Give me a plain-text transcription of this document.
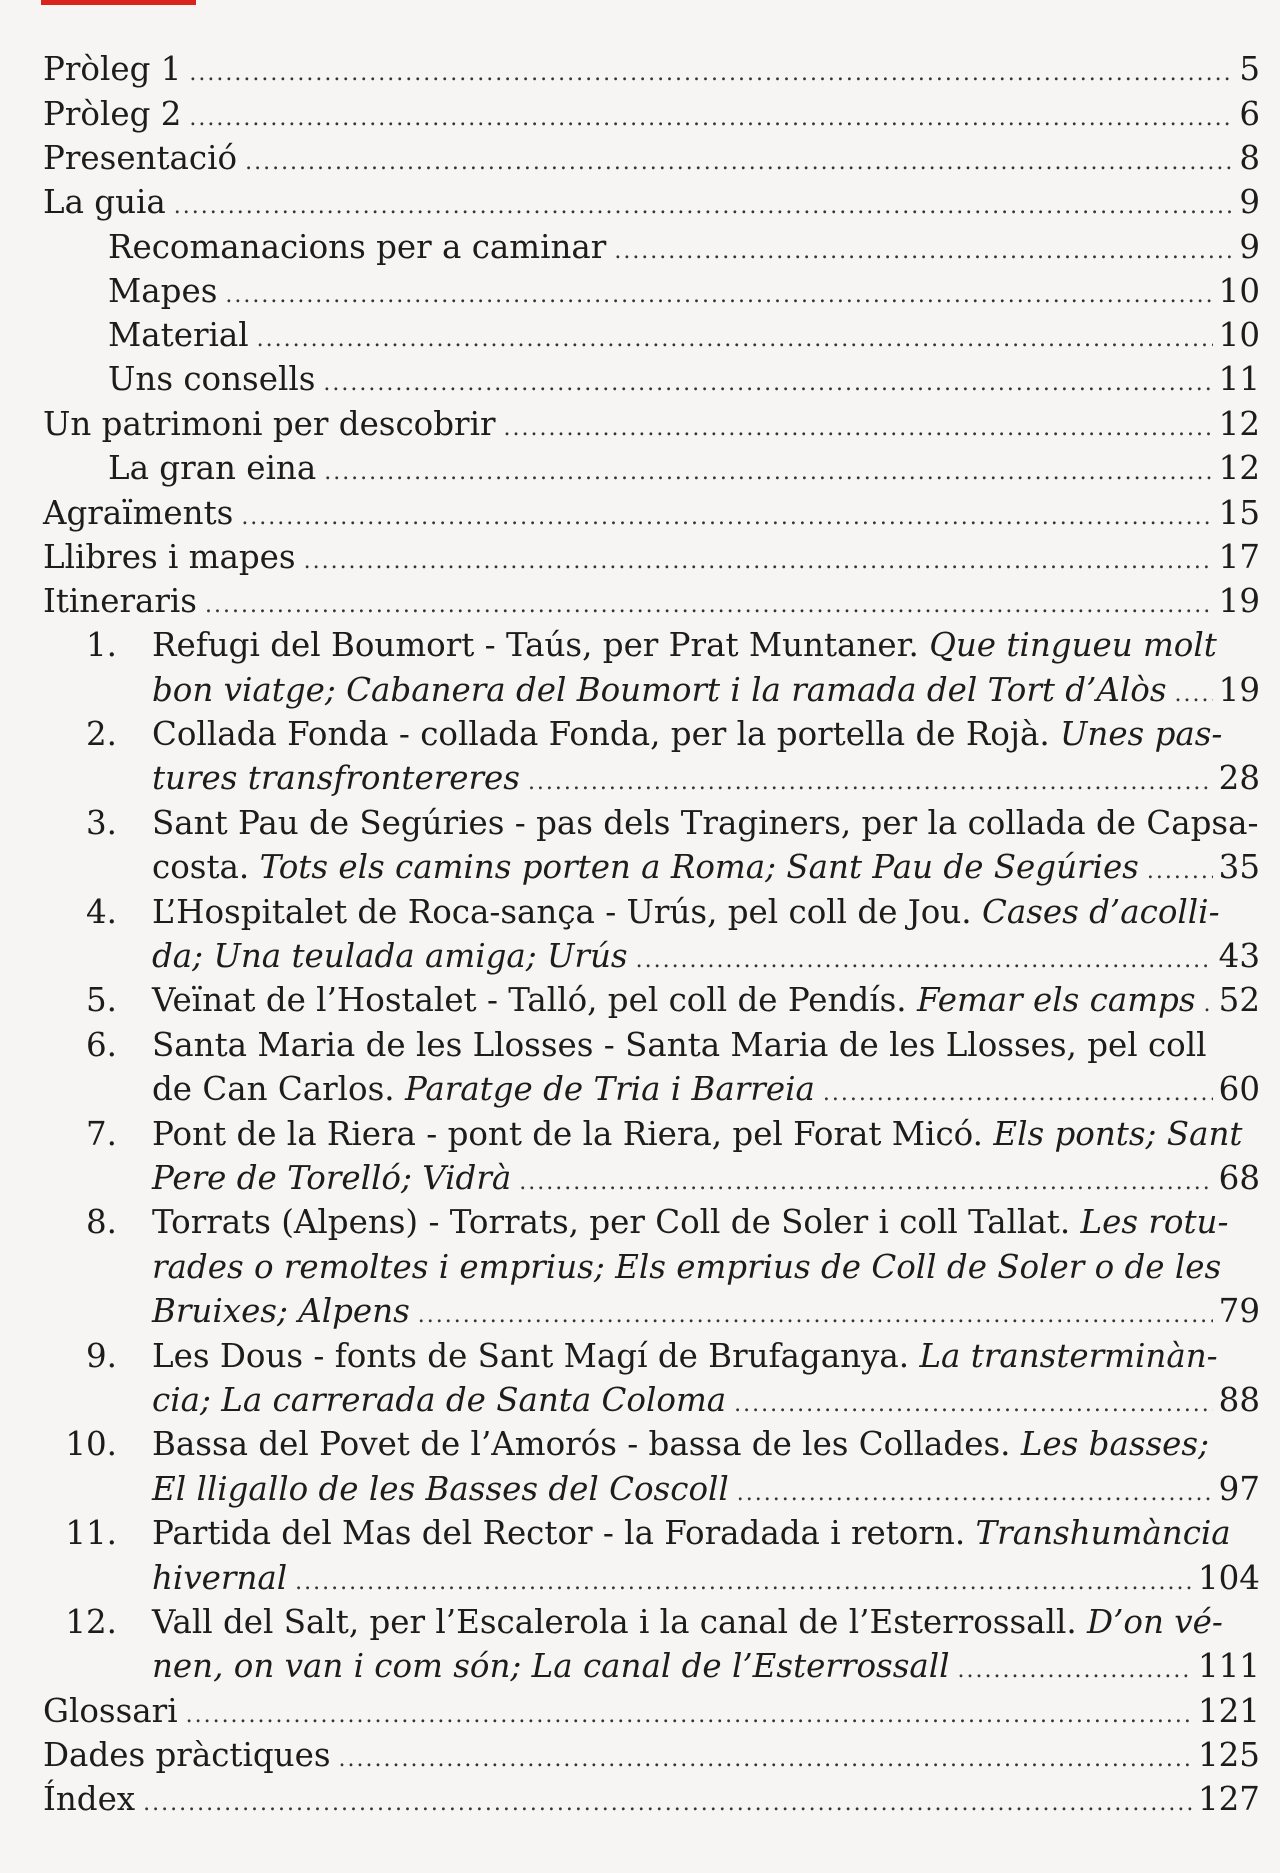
Pròleg 1 .....	5
Pròleg 2 .....	6
Presentació .....	8
La guia .....	9
Recomanacions per a caminar .....	9
Mapes .....	10
Material .....	10
Uns consells .....	11
Un patrimoni per descobrir .....	12
La gran eina .....	12
Agraïments .....	15
Llibres i mapes .....	17
Itineraris .....	19
1. Refugi del Boumort - Taús, per Prat Muntaner. Que tingueu molt
bon viatge; Cabanera del Boumort i la ramada del Tort d’Alòs ..... 19
2. Collada Fonda - collada Fonda, per la portella de Rojà. Unes pas-
tures transfrontereres .....	28
3. Sant Pau de Segúries - pas dels Traginers, per la collada de Capsa-
costa. Tots els camins porten a Roma; Sant Pau de Segúries ..... 35
4. L’Hospitalet de Roca-sança - Urús, pel coll de Jou. Cases d’acolli-
da; Una teulada amiga; Urús .....	43
5. Veïnat de l’Hostalet - Talló, pel coll de Pendís. Femar els camps ..... 52
6. Santa Maria de les Llosses - Santa Maria de les Llosses, pel coll
de Can Carlos. Paratge de Tria i Barreia .....	60
7. Pont de la Riera - pont de la Riera, pel Forat Micó. Els ponts; Sant
Pere de Torelló; Vidrà .....	68
8. Torrats (Alpens) - Torrats, per Coll de Soler i coll Tallat. Les rotu-
rades o remoltes i emprius; Els emprius de Coll de Soler o de les
Bruixes; Alpens .....	79
9. Les Dous - fonts de Sant Magí de Brufaganya. La transterminàn-
cia; La carrerada de Santa Coloma .....	88
10. Bassa del Povet de l’Amorós - bassa de les Collades. Les basses;
El lligallo de les Basses del Coscoll .....	97
11. Partida del Mas del Rector - la Foradada i retorn. Transhumància
hivernal .....	104
12. Vall del Salt, per l’Escalerola i la canal de l’Esterrossall. D’on vé-
nen, on van i com són; La canal de l’Esterrossall .....	111
Glossari .....	121
Dades pràctiques .....	125
Índex .....	127
